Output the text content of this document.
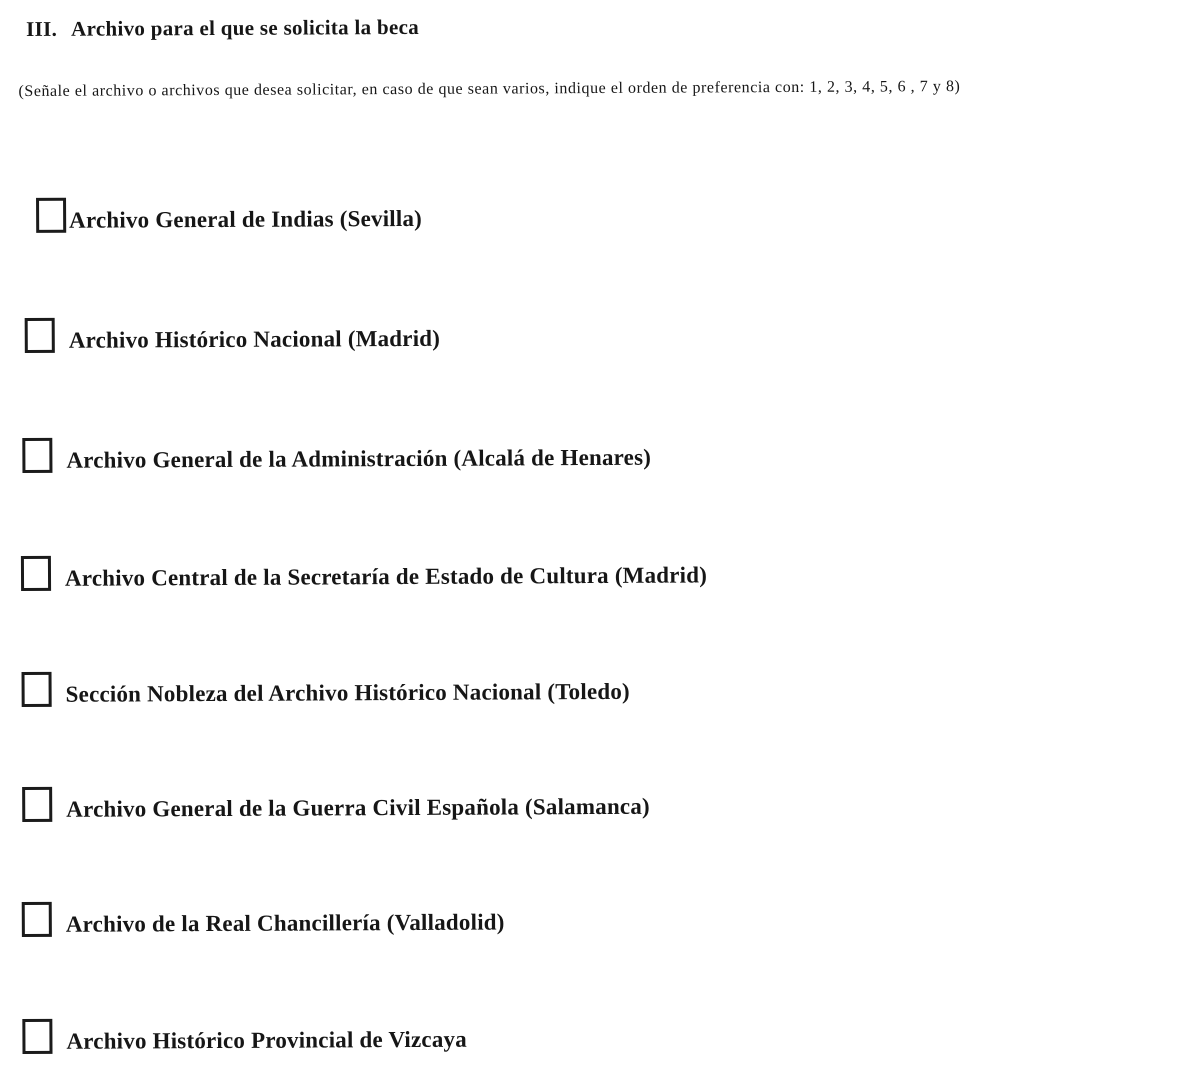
III. Archivo para el que se solicita la beca
(Señale el archivo o archivos que desea solicitar, en caso de que sean varios, indique el orden de preferencia con: 1, 2, 3, 4, 5, 6 , 7 y 8)
Archivo General de Indias (Sevilla)
Archivo Histórico Nacional (Madrid)
Archivo General de la Administración (Alcalá de Henares)
Archivo Central de la Secretaría de Estado de Cultura (Madrid)
Sección Nobleza del Archivo Histórico Nacional (Toledo)
Archivo General de la Guerra Civil Española (Salamanca)
Archivo de la Real Chancillería (Valladolid)
Archivo Histórico Provincial de Vizcaya
